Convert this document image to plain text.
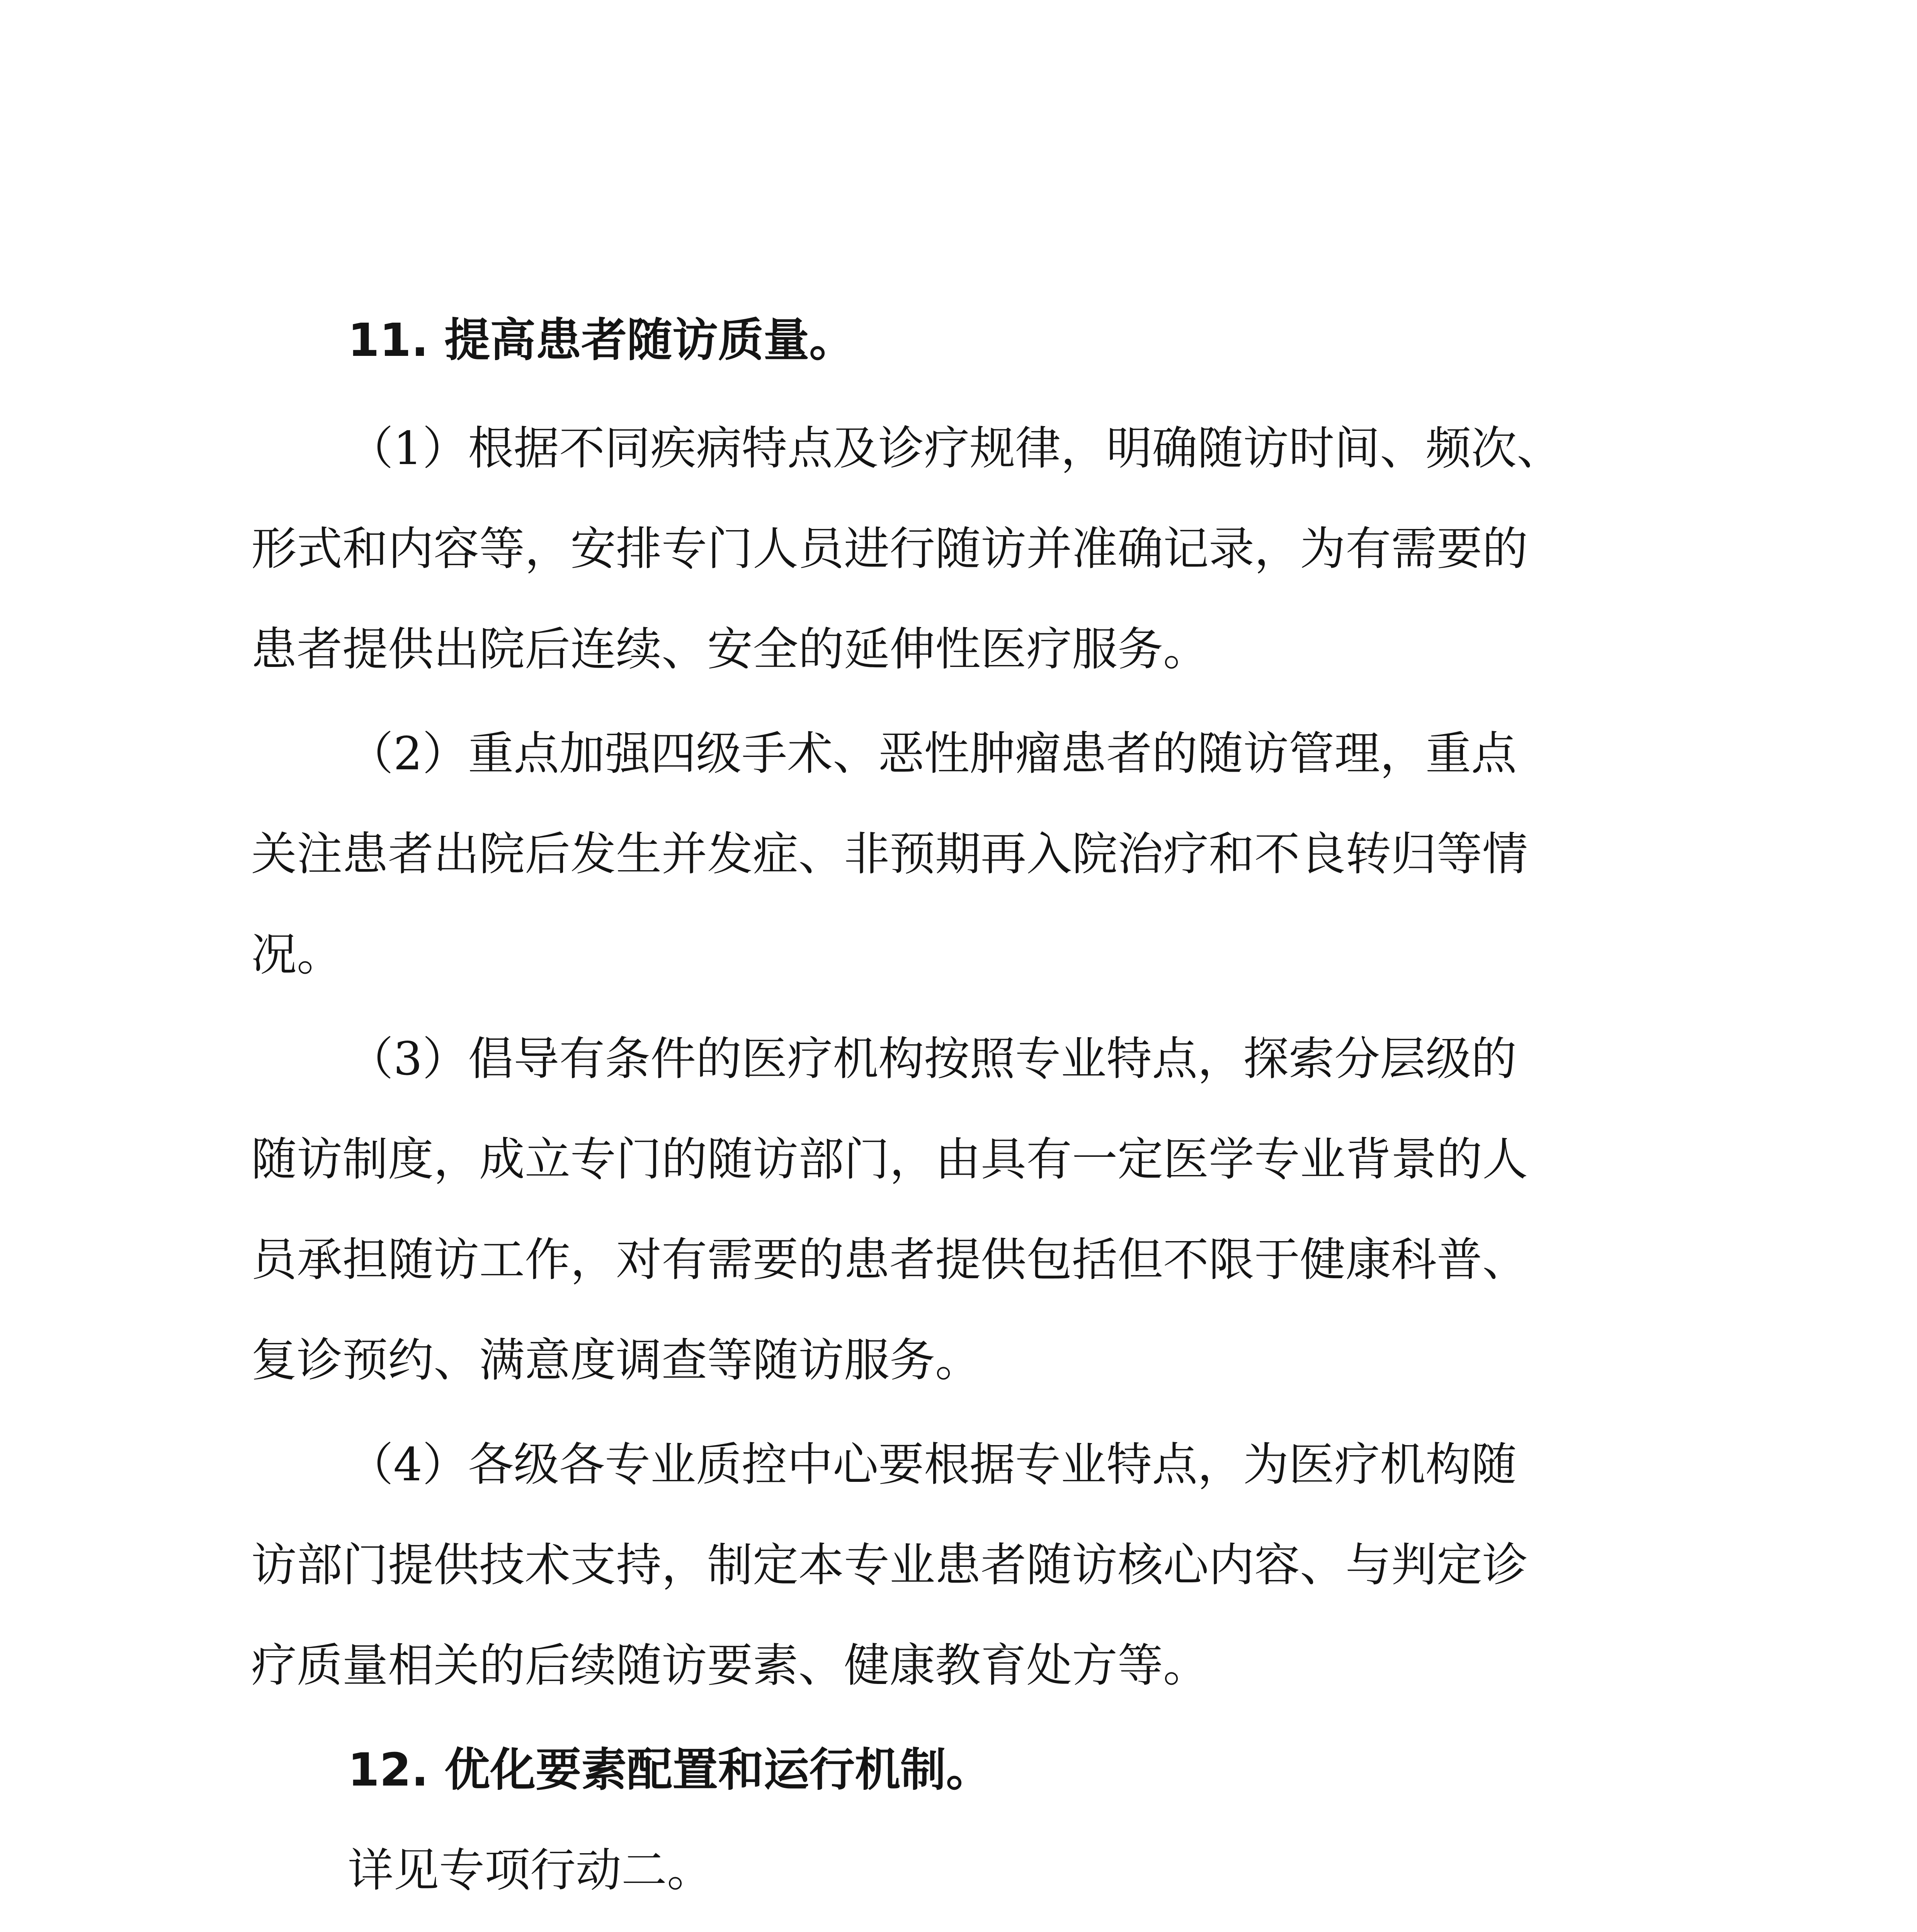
11. 提高患者随访质量。
（1）根据不同疾病特点及诊疗规律，明确随访时间、频次、
形式和内容等，安排专门人员进行随访并准确记录，为有需要的
患者提供出院后连续、安全的延伸性医疗服务。
（2）重点加强四级手术、恶性肿瘤患者的随访管理，重点
关注患者出院后发生并发症、非预期再入院治疗和不良转归等情
况。
（3）倡导有条件的医疗机构按照专业特点，探索分层级的
随访制度，成立专门的随访部门，由具有一定医学专业背景的人
员承担随访工作，对有需要的患者提供包括但不限于健康科普、
复诊预约、满意度调查等随访服务。
（4）各级各专业质控中心要根据专业特点，为医疗机构随
访部门提供技术支持，制定本专业患者随访核心内容、与判定诊
疗质量相关的后续随访要素、健康教育处方等。
12. 优化要素配置和运行机制。
详见专项行动二。
